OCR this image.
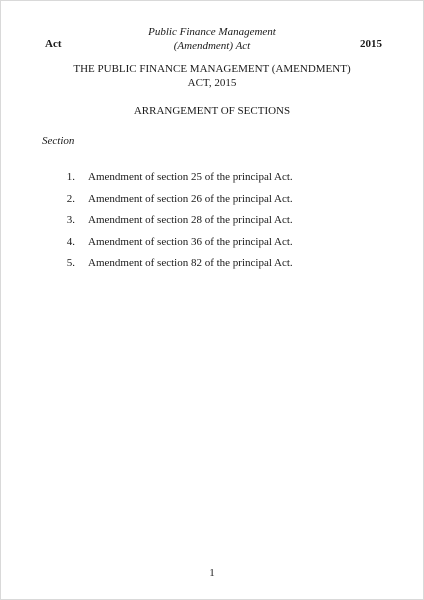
Act
Public Finance Management
(Amendment) Act	2015
THE PUBLIC FINANCE MANAGEMENT (AMENDMENT)
ACT, 2015
ARRANGEMENT OF SECTIONS
Section
1. Amendment of section 25 of the principal Act.
2. Amendment of section 26 of the principal Act.
3. Amendment of section 28 of the principal Act.
4. Amendment of section 36 of the principal Act.
5. Amendment of section 82 of the principal Act.
1
